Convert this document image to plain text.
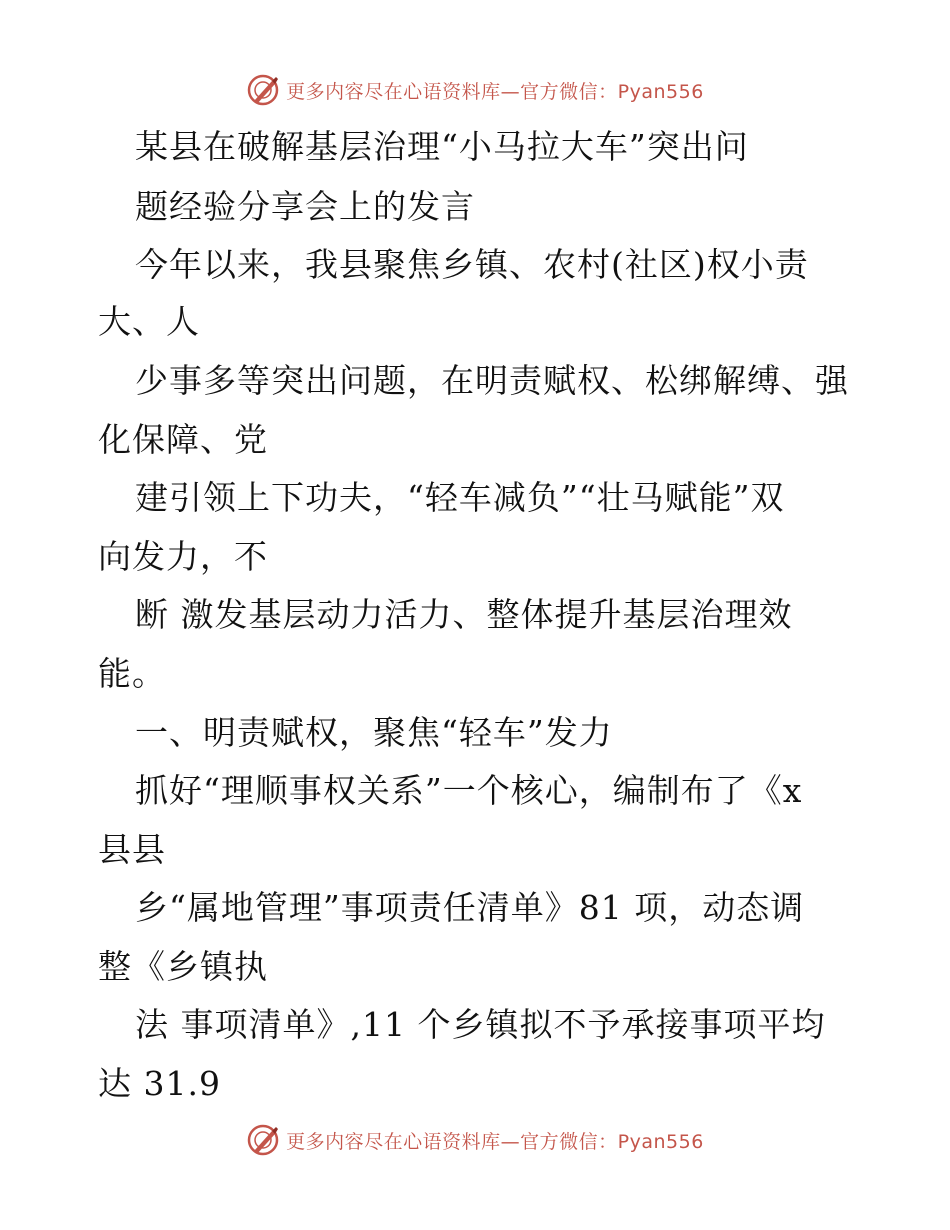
更多内容尽在心语资料库—官方微信：Pyan556
某县在破解基层治理“小马拉大车”突出问
题经验分享会上的发言
今年以来，我县聚焦乡镇、农村(社区)权小责
大、人
少事多等突出问题，在明责赋权、松绑解缚、强
化保障、党
建引领上下功夫，“轻车减负”“壮马赋能”双
向发力，不
断 激发基层动力活力、整体提升基层治理效
能。
一、明责赋权，聚焦“轻车”发力
抓好“理顺事权关系”一个核心，编制布了《x
县县
乡“属地管理”事项责任清单》81 项，动态调
整《乡镇执
法 事项清单》,11 个乡镇拟不予承接事项平均
达 31.9
更多内容尽在心语资料库—官方微信：Pyan556
